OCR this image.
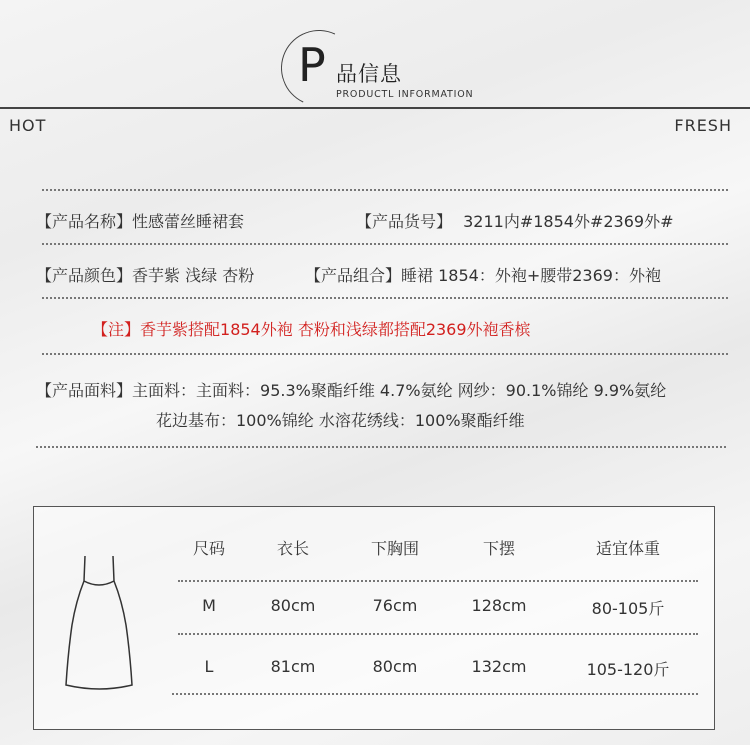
P 品信息
PRODUCTL INFORMATION
HOT	FRESH
【产品名称】性感蕾丝睡裙套	【产品货号】 3211内#1854外#2369外#
【产品颜色】香芋紫 浅绿 杏粉	【产品组合】睡裙 1854：外袍+腰带2369：外袍
【注】香芋紫搭配1854外袍 杏粉和浅绿都搭配2369外袍香槟
【产品面料】主面料：主面料：95.3%聚酯纤维 4.7%氨纶 网纱：90.1%锦纶 9.9%氨纶
花边基布：100%锦纶 水溶花绣线：100%聚酯纤维
尺码	衣长	下胸围	下摆	适宜体重
M	80cm	76cm	128cm	80-105斤
L	81cm	80cm	132cm	105-120斤
